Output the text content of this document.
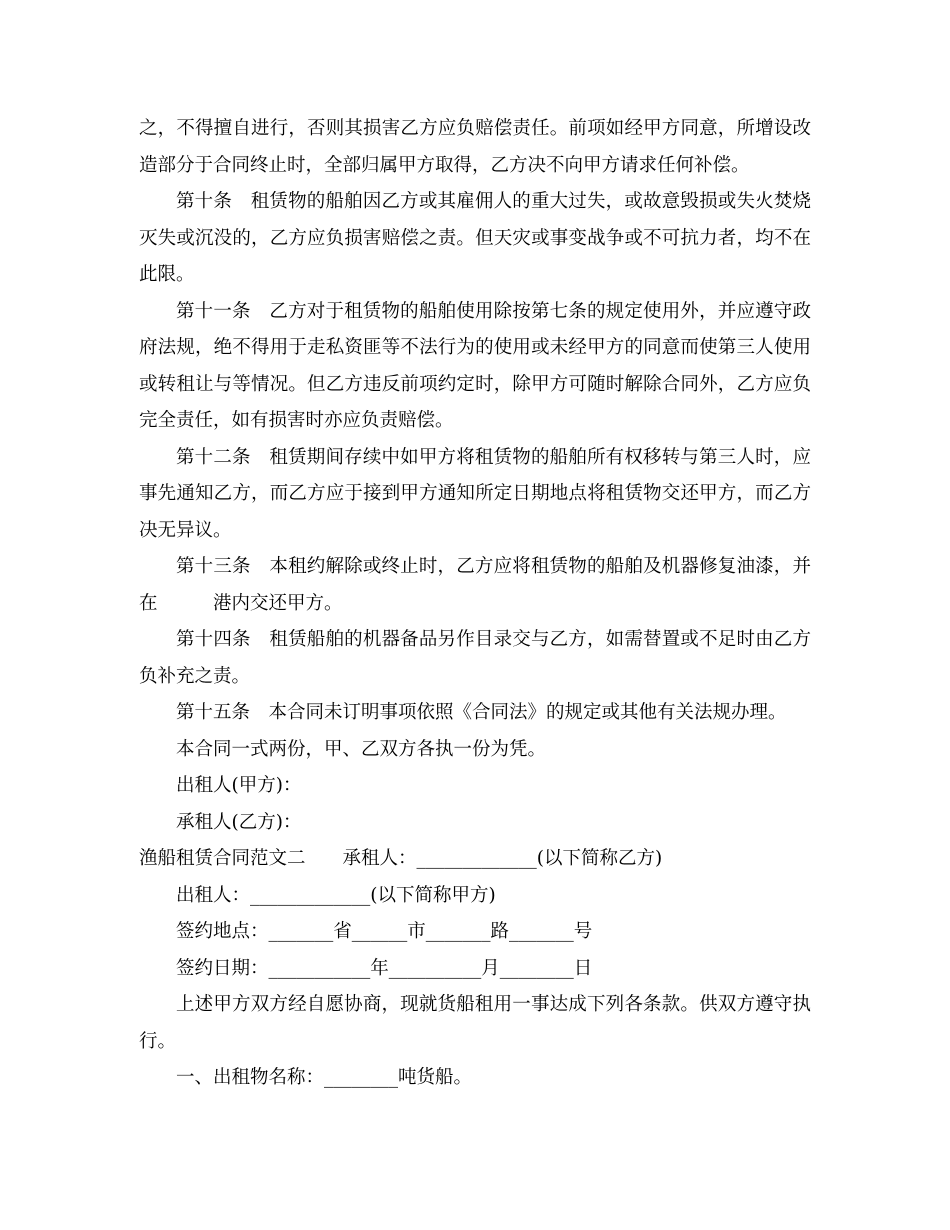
之，不得擅自进行，否则其损害乙方应负赔偿责任。前项如经甲方同意，所增设改
造部分于合同终止时，全部归属甲方取得，乙方决不向甲方请求任何补偿。
第十条　租赁物的船舶因乙方或其雇佣人的重大过失，或故意毁损或失火焚烧
灭失或沉没的，乙方应负损害赔偿之责。但天灾或事变战争或不可抗力者，均不在
此限。
第十一条　乙方对于租赁物的船舶使用除按第七条的规定使用外，并应遵守政
府法规，绝不得用于走私资匪等不法行为的使用或未经甲方的同意而使第三人使用
或转租让与等情况。但乙方违反前项约定时，除甲方可随时解除合同外，乙方应负
完全责任，如有损害时亦应负责赔偿。
第十二条　租赁期间存续中如甲方将租赁物的船舶所有权移转与第三人时，应
事先通知乙方，而乙方应于接到甲方通知所定日期地点将租赁物交还甲方，而乙方
决无异议。
第十三条　本租约解除或终止时，乙方应将租赁物的船舶及机器修复油漆，并
在　　　港内交还甲方。
第十四条　租赁船舶的机器备品另作目录交与乙方，如需替置或不足时由乙方
负补充之责。
第十五条　本合同未订明事项依照《合同法》的规定或其他有关法规办理。
本合同一式两份，甲、乙双方各执一份为凭。
出租人(甲方)：
承租人(乙方)：
渔船租赁合同范文二　　承租人：_____________(以下简称乙方)
出租人：_____________(以下简称甲方)
签约地点：_______省______市_______路_______号
签约日期：___________年__________月________日
上述甲方双方经自愿协商，现就货船租用一事达成下列各条款。供双方遵守执
行。
一、出租物名称：________吨货船。
